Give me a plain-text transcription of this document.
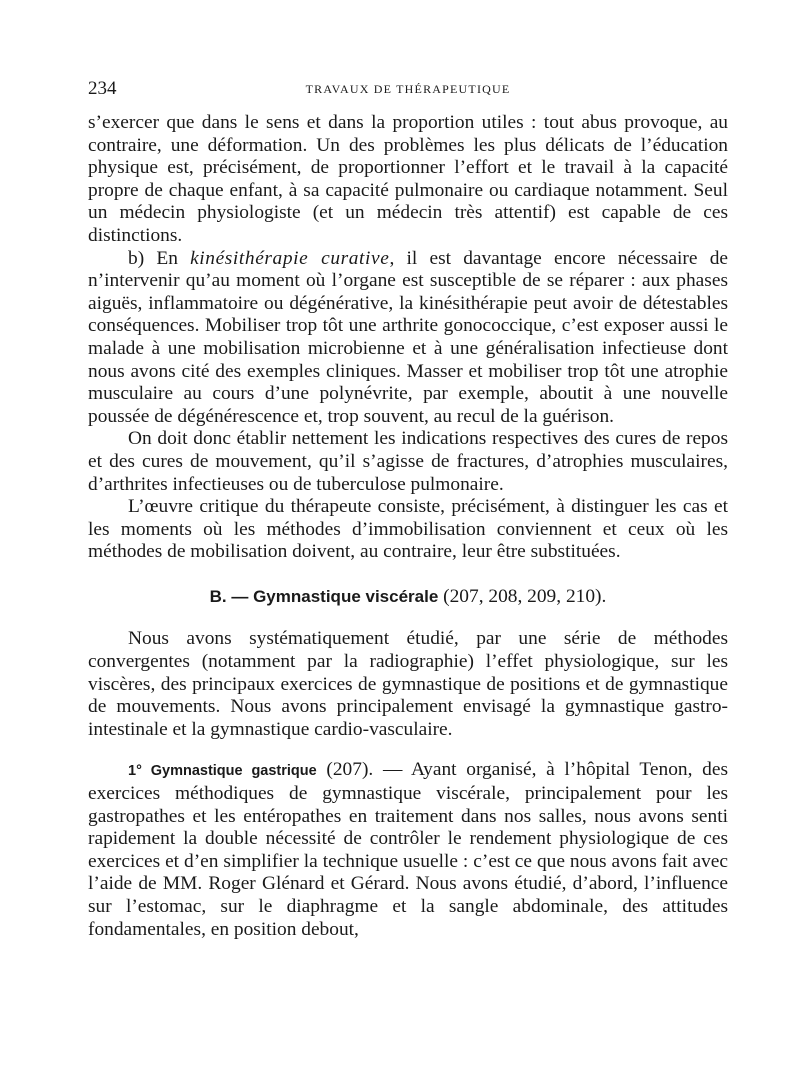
234	TRAVAUX DE THÉRAPEUTIQUE

s’exercer que dans le sens et dans la proportion utiles : tout abus provoque, au contraire, une déformation. Un des problèmes les plus délicats de l’éducation physique est, précisément, de proportionner l’effort et le travail à la capacité propre de chaque enfant, à sa capacité pulmonaire ou cardiaque notamment. Seul un médecin physiologiste (et un médecin très attentif) est capable de ces distinctions.

b) En kinésithérapie curative, il est davantage encore nécessaire de n’intervenir qu’au moment où l’organe est susceptible de se réparer : aux phases aiguës, inflammatoire ou dégénérative, la kinésithérapie peut avoir de détestables conséquences. Mobiliser trop tôt une arthrite gonococcique, c’est exposer aussi le malade à une mobilisation microbienne et à une généralisation infectieuse dont nous avons cité des exemples cliniques. Masser et mobiliser trop tôt une atrophie musculaire au cours d’une polynévrite, par exemple, aboutit à une nouvelle poussée de dégénérescence et, trop souvent, au recul de la guérison.

On doit donc établir nettement les indications respectives des cures de repos et des cures de mouvement, qu’il s’agisse de fractures, d’atrophies musculaires, d’arthrites infectieuses ou de tuberculose pulmonaire.

L’œuvre critique du thérapeute consiste, précisément, à distinguer les cas et les moments où les méthodes d’immobilisation conviennent et ceux où les méthodes de mobilisation doivent, au contraire, leur être substituées.

B. — Gymnastique viscérale (207, 208, 209, 210).

Nous avons systématiquement étudié, par une série de méthodes convergentes (notamment par la radiographie) l’effet physiologique, sur les viscères, des principaux exercices de gymnastique de positions et de gymnastique de mouvements. Nous avons principalement envisagé la gymnastique gastro-intestinale et la gymnastique cardio-vasculaire.

1° Gymnastique gastrique (207). — Ayant organisé, à l’hôpital Tenon, des exercices méthodiques de gymnastique viscérale, principalement pour les gastropathes et les entéropathes en traitement dans nos salles, nous avons senti rapidement la double nécessité de contrôler le rendement physiologique de ces exercices et d’en simplifier la technique usuelle : c’est ce que nous avons fait avec l’aide de MM. Roger Glénard et Gérard. Nous avons étudié, d’abord, l’influence sur l’estomac, sur le diaphragme et la sangle abdominale, des attitudes fondamentales, en position debout,
